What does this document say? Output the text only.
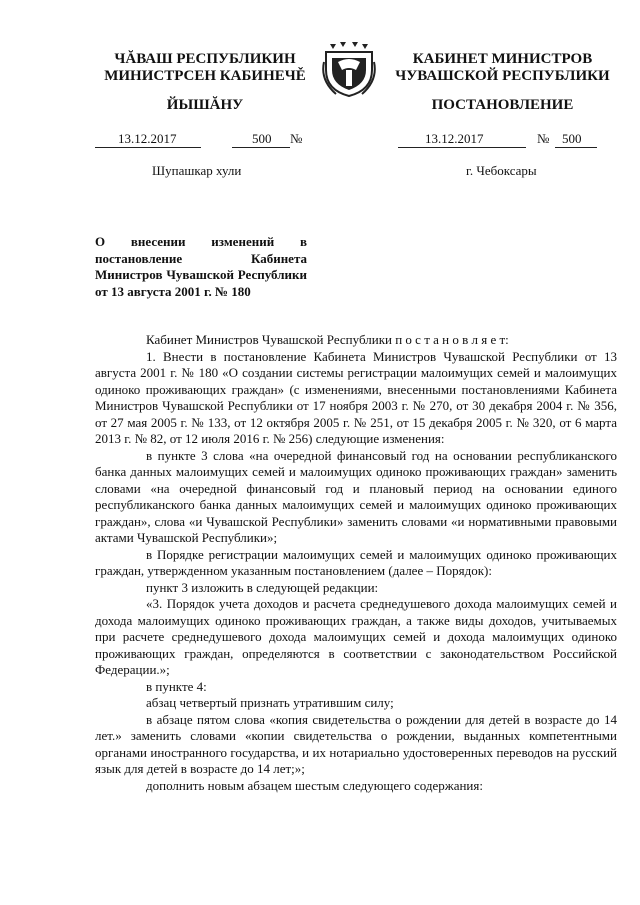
ЧĂВАШ РЕСПУБЛИКИН
МИНИСТРСЕН КАБИНЕЧĚ
КАБИНЕТ МИНИСТРОВ
ЧУВАШСКОЙ РЕСПУБЛИКИ
ЙЫШĂНУ	ПОСТАНОВЛЕНИЕ
13.12.2017	500 №	13.12.2017	№ 500
Шупашкар хули	г. Чебоксары
О внесении изменений в постановление Кабинета Министров Чувашской Республики от 13 августа 2001 г. № 180

Кабинет Министров Чувашской Республики п о с т а н о в л я е т:

1. Внести в постановление Кабинета Министров Чувашской Республики от 13 августа 2001 г. № 180 «О создании системы регистрации малоимущих семей и малоимущих одиноко проживающих граждан» (с изменениями, внесенными постановлениями Кабинета Министров Чувашской Республики от 17 ноября 2003 г. № 270, от 30 декабря 2004 г. № 356, от 27 мая 2005 г. № 133, от 12 октября 2005 г. № 251, от 15 декабря 2005 г. № 320, от 6 марта 2013 г. № 82, от 12 июля 2016 г. № 256) следующие изменения:

в пункте 3 слова «на очередной финансовый год на основании республиканского банка данных малоимущих семей и малоимущих одиноко проживающих граждан» заменить словами «на очередной финансовый год и плановый период на основании единого республиканского банка данных малоимущих семей и малоимущих одиноко проживающих граждан», слова «и Чувашской Республики» заменить словами «и нормативными правовыми актами Чувашской Республики»;

в Порядке регистрации малоимущих семей и малоимущих одиноко проживающих граждан, утвержденном указанным постановлением (далее – Порядок):

пункт 3 изложить в следующей редакции:

«3. Порядок учета доходов и расчета среднедушевого дохода малоимущих семей и дохода малоимущих одиноко проживающих граждан, а также виды доходов, учитываемых при расчете среднедушевого дохода малоимущих семей и дохода малоимущих одиноко проживающих граждан, определяются в соответствии с законодательством Российской Федерации.»;

в пункте 4:

абзац четвертый признать утратившим силу;

в абзаце пятом слова «копия свидетельства о рождении для детей в возрасте до 14 лет.» заменить словами «копии свидетельства о рождении, выданных компетентными органами иностранного государства, и их нотариально удостоверенных переводов на русский язык для детей в возрасте до 14 лет;»;

дополнить новым абзацем шестым следующего содержания:
